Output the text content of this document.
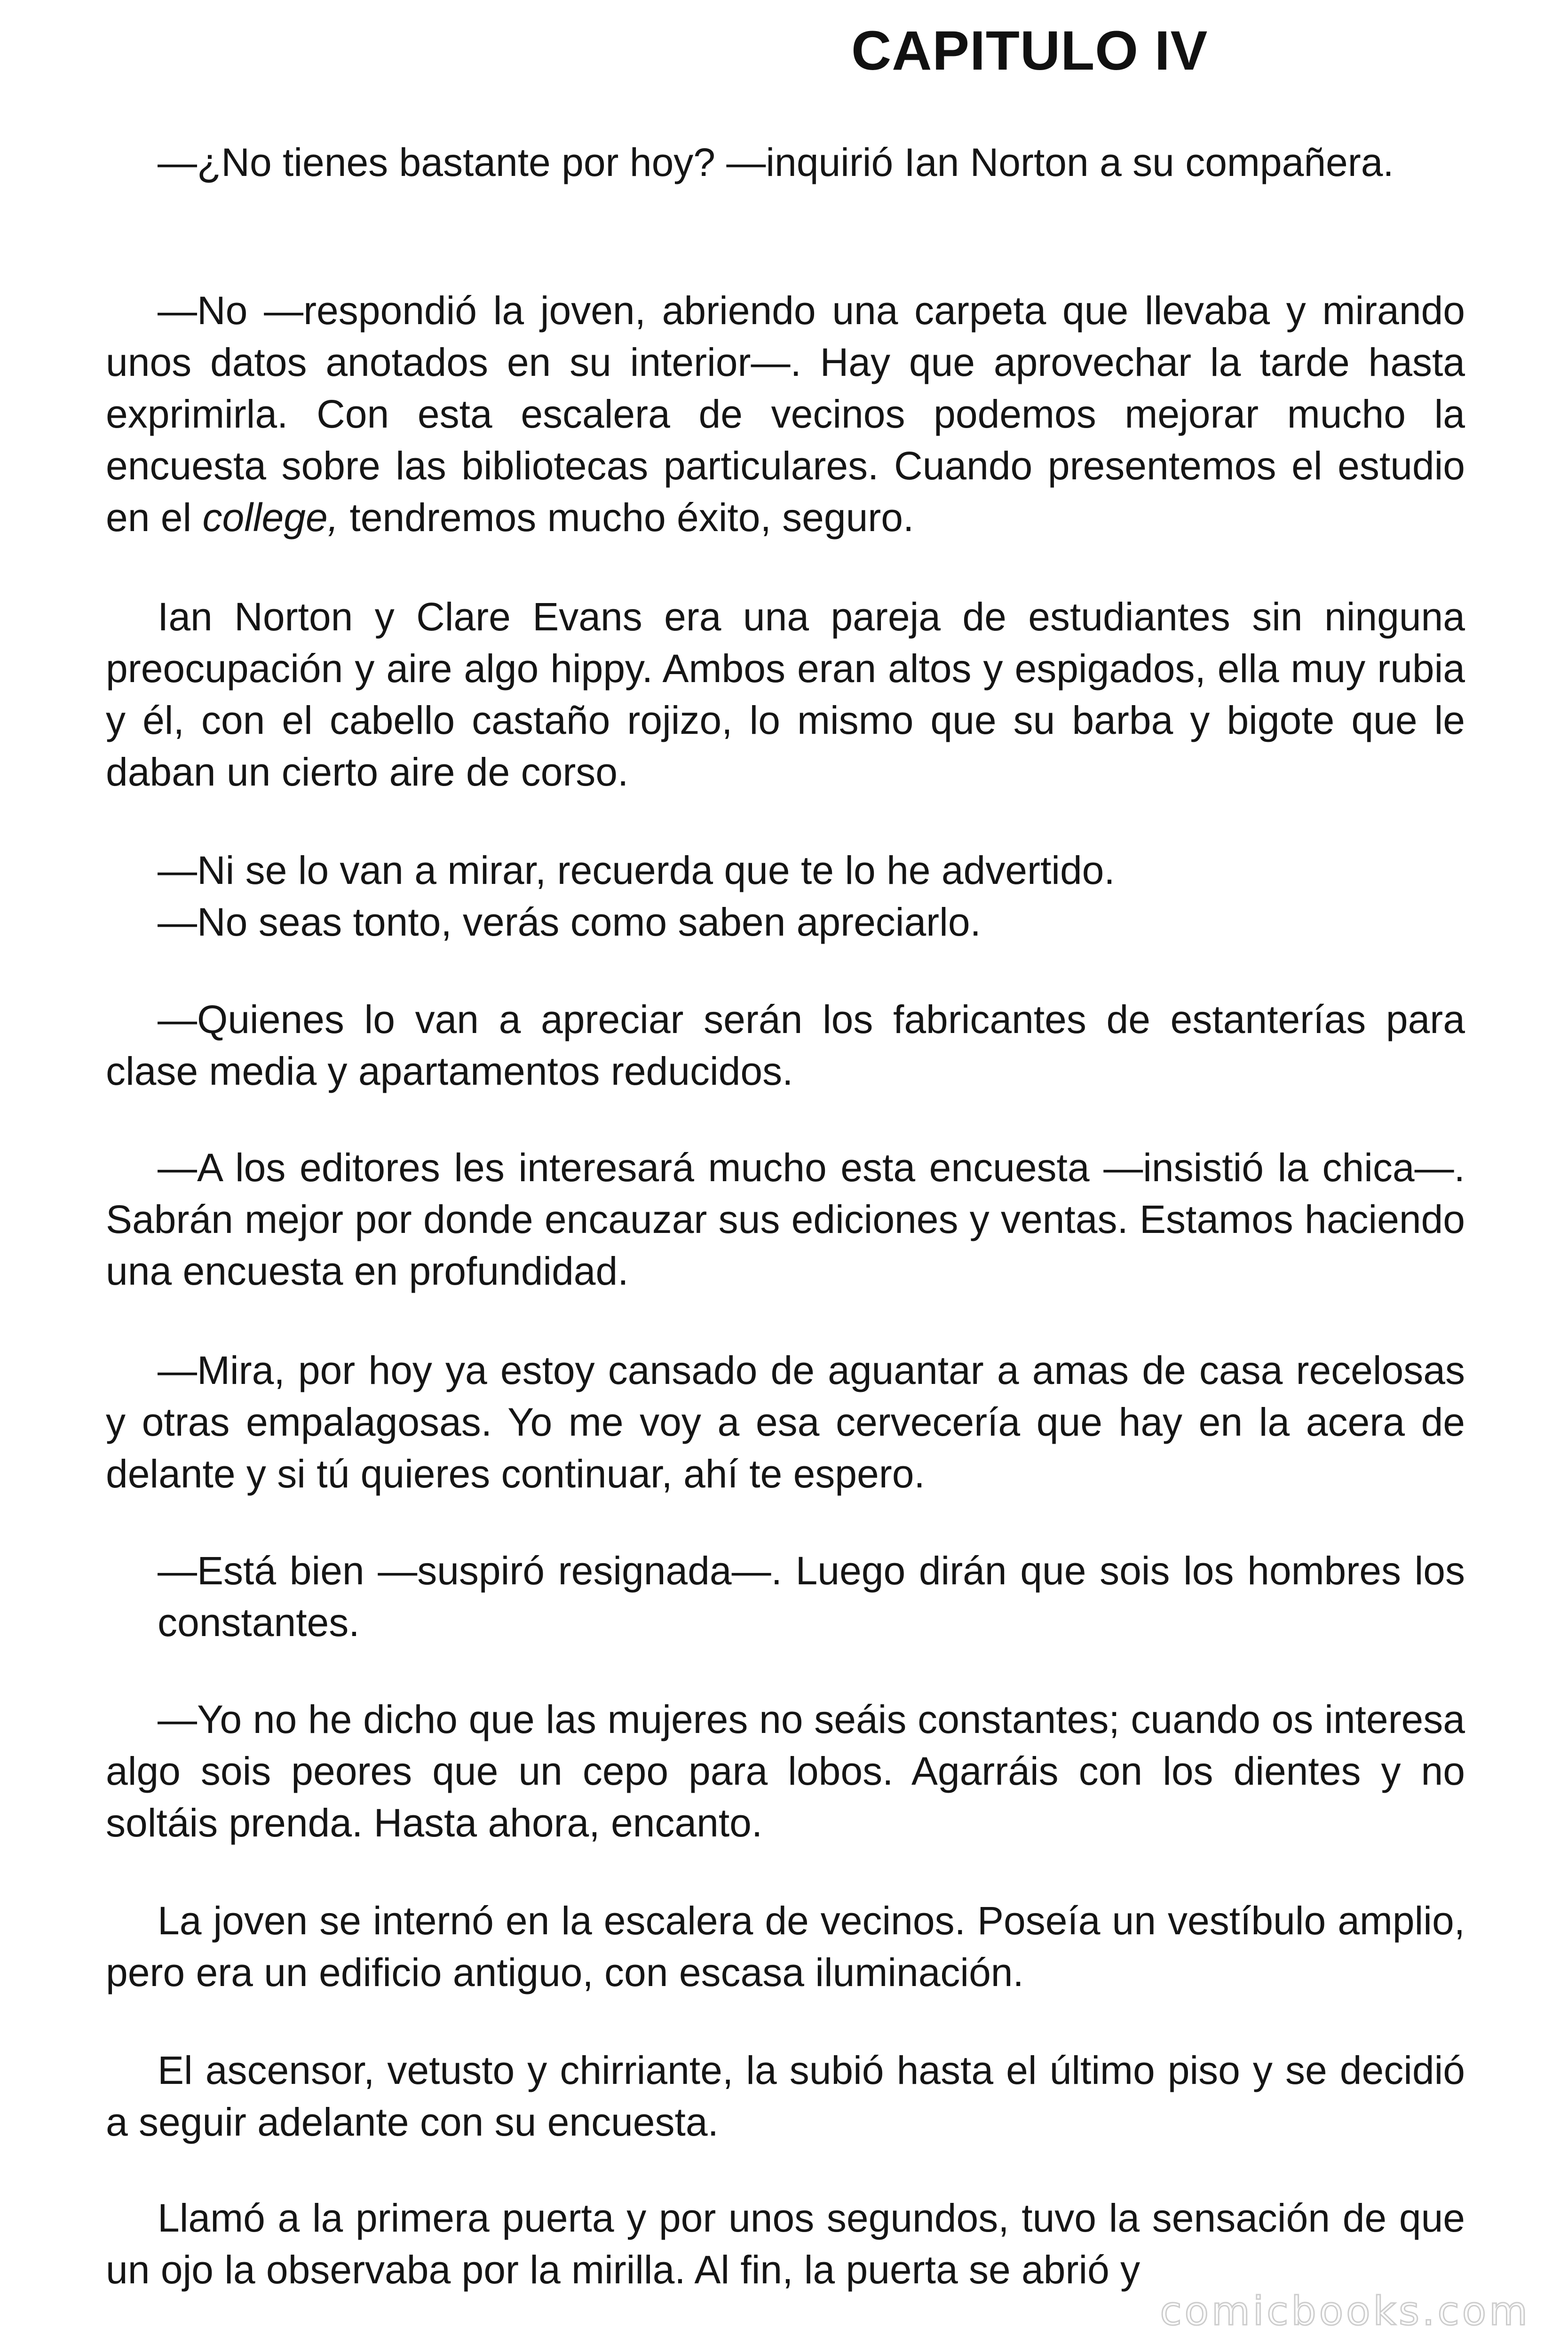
CAPITULO IV

—¿No tienes bastante por hoy? —inquirió Ian Norton a su compañera.

—No —respondió la joven, abriendo una carpeta que llevaba y mirando unos datos anotados en su interior—. Hay que aprovechar la tarde hasta exprimirla. Con esta escalera de vecinos podemos mejorar mucho la encuesta sobre las bibliotecas particulares. Cuando presentemos el estudio en el college, tendremos mucho éxito, seguro.

Ian Norton y Clare Evans era una pareja de estudiantes sin ninguna preocupación y aire algo hippy. Ambos eran altos y espigados, ella muy rubia y él, con el cabello castaño rojizo, lo mismo que su barba y bigote que le daban un cierto aire de corso.

—Ni se lo van a mirar, recuerda que te lo he advertido.

—No seas tonto, verás como saben apreciarlo.

—Quienes lo van a apreciar serán los fabricantes de estanterías para clase media y apartamentos reducidos.

—A los editores les interesará mucho esta encuesta —insistió la chica—. Sabrán mejor por donde encauzar sus ediciones y ventas. Estamos haciendo una encuesta en profundidad.

—Mira, por hoy ya estoy cansado de aguantar a amas de casa recelosas y otras empalagosas. Yo me voy a esa cervecería que hay en la acera de delante y si tú quieres continuar, ahí te espero.

—Está bien —suspiró resignada—. Luego dirán que sois los hombres los constantes.

—Yo no he dicho que las mujeres no seáis constantes; cuando os interesa algo sois peores que un cepo para lobos. Agarráis con los dientes y no soltáis prenda. Hasta ahora, encanto.

La joven se internó en la escalera de vecinos. Poseía un vestíbulo amplio, pero era un edificio antiguo, con escasa iluminación.

El ascensor, vetusto y chirriante, la subió hasta el último piso y se decidió a seguir adelante con su encuesta.

Llamó a la primera puerta y por unos segundos, tuvo la sensación de que un ojo la observaba por la mirilla. Al fin, la puerta se abrió y

comicbooks.com
